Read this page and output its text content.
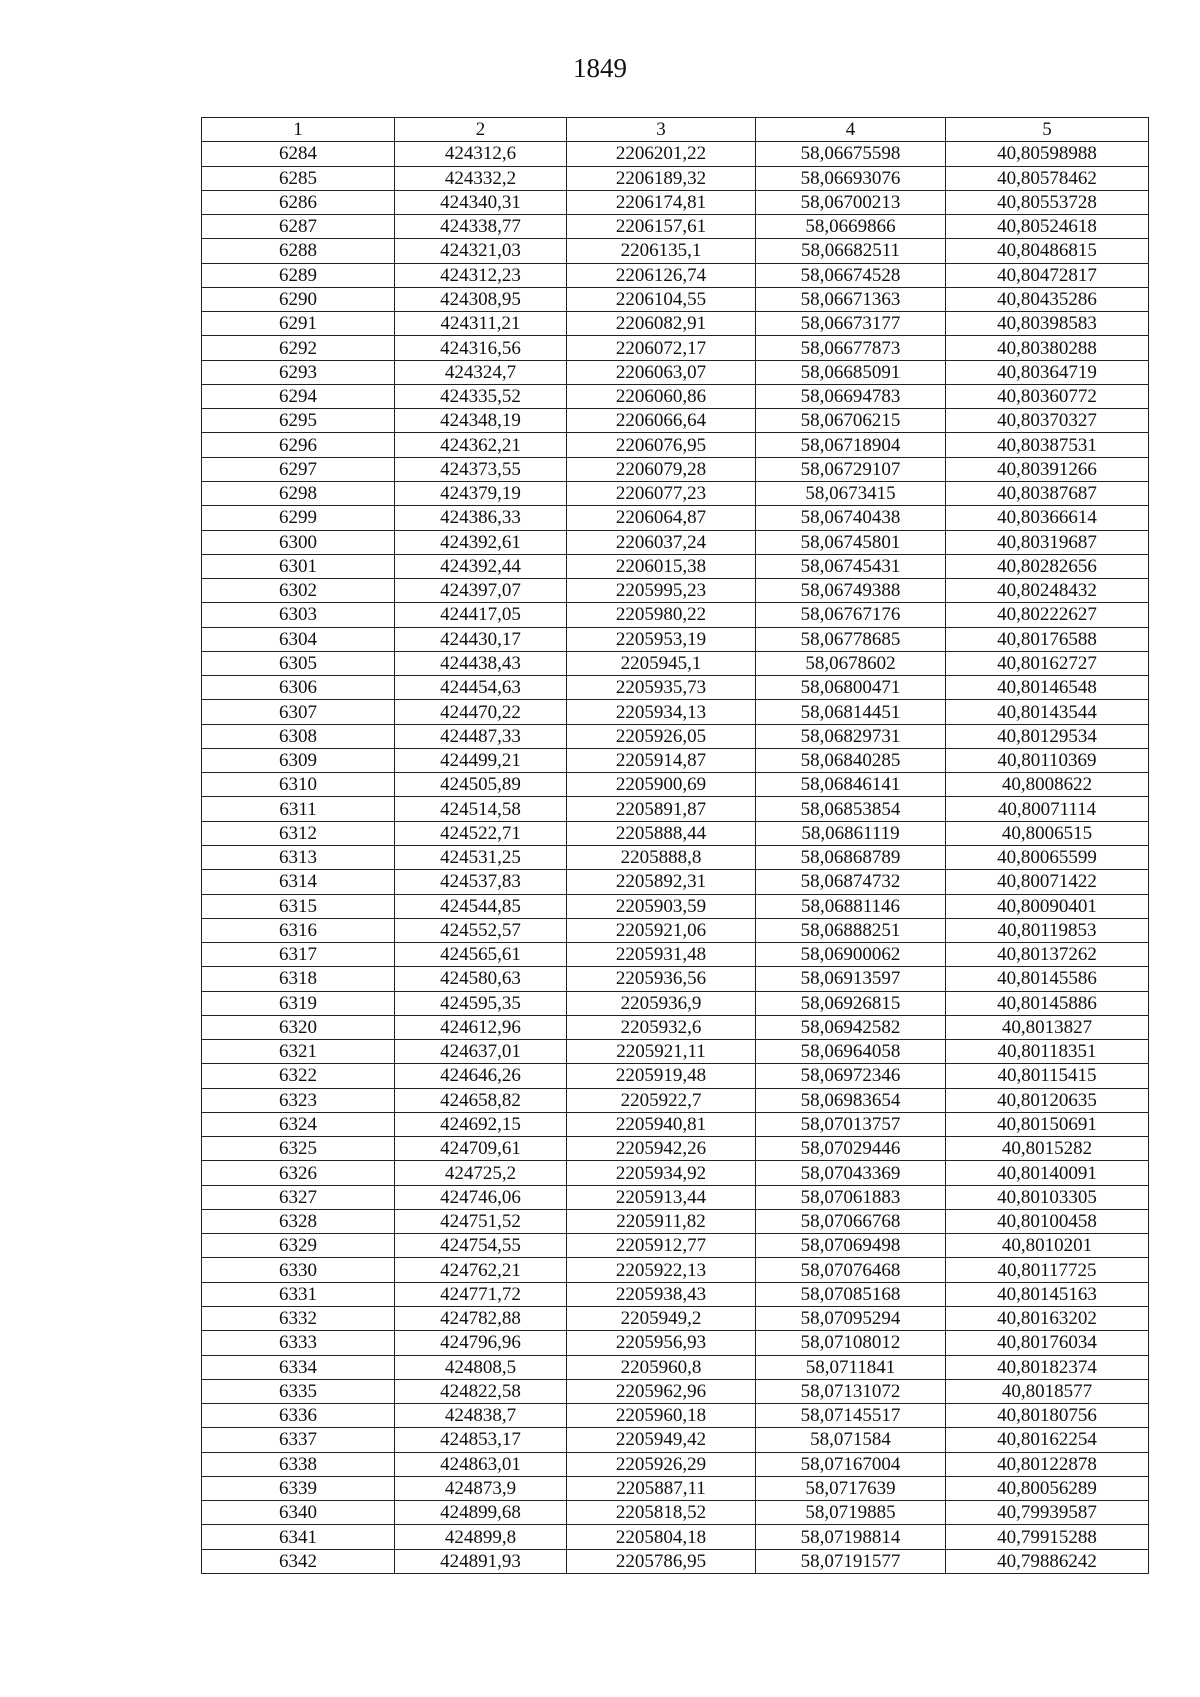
1849
1	2	3	4	5
6284	424312,6	2206201,22	58,06675598	40,80598988
6285	424332,2	2206189,32	58,06693076	40,80578462
6286	424340,31	2206174,81	58,06700213	40,80553728
6287	424338,77	2206157,61	58,0669866	40,80524618
6288	424321,03	2206135,1	58,06682511	40,80486815
6289	424312,23	2206126,74	58,06674528	40,80472817
6290	424308,95	2206104,55	58,06671363	40,80435286
6291	424311,21	2206082,91	58,06673177	40,80398583
6292	424316,56	2206072,17	58,06677873	40,80380288
6293	424324,7	2206063,07	58,06685091	40,80364719
6294	424335,52	2206060,86	58,06694783	40,80360772
6295	424348,19	2206066,64	58,06706215	40,80370327
6296	424362,21	2206076,95	58,06718904	40,80387531
6297	424373,55	2206079,28	58,06729107	40,80391266
6298	424379,19	2206077,23	58,0673415	40,80387687
6299	424386,33	2206064,87	58,06740438	40,80366614
6300	424392,61	2206037,24	58,06745801	40,80319687
6301	424392,44	2206015,38	58,06745431	40,80282656
6302	424397,07	2205995,23	58,06749388	40,80248432
6303	424417,05	2205980,22	58,06767176	40,80222627
6304	424430,17	2205953,19	58,06778685	40,80176588
6305	424438,43	2205945,1	58,0678602	40,80162727
6306	424454,63	2205935,73	58,06800471	40,80146548
6307	424470,22	2205934,13	58,06814451	40,80143544
6308	424487,33	2205926,05	58,06829731	40,80129534
6309	424499,21	2205914,87	58,06840285	40,80110369
6310	424505,89	2205900,69	58,06846141	40,8008622
6311	424514,58	2205891,87	58,06853854	40,80071114
6312	424522,71	2205888,44	58,06861119	40,8006515
6313	424531,25	2205888,8	58,06868789	40,80065599
6314	424537,83	2205892,31	58,06874732	40,80071422
6315	424544,85	2205903,59	58,06881146	40,80090401
6316	424552,57	2205921,06	58,06888251	40,80119853
6317	424565,61	2205931,48	58,06900062	40,80137262
6318	424580,63	2205936,56	58,06913597	40,80145586
6319	424595,35	2205936,9	58,06926815	40,80145886
6320	424612,96	2205932,6	58,06942582	40,8013827
6321	424637,01	2205921,11	58,06964058	40,80118351
6322	424646,26	2205919,48	58,06972346	40,80115415
6323	424658,82	2205922,7	58,06983654	40,80120635
6324	424692,15	2205940,81	58,07013757	40,80150691
6325	424709,61	2205942,26	58,07029446	40,8015282
6326	424725,2	2205934,92	58,07043369	40,80140091
6327	424746,06	2205913,44	58,07061883	40,80103305
6328	424751,52	2205911,82	58,07066768	40,80100458
6329	424754,55	2205912,77	58,07069498	40,8010201
6330	424762,21	2205922,13	58,07076468	40,80117725
6331	424771,72	2205938,43	58,07085168	40,80145163
6332	424782,88	2205949,2	58,07095294	40,80163202
6333	424796,96	2205956,93	58,07108012	40,80176034
6334	424808,5	2205960,8	58,0711841	40,80182374
6335	424822,58	2205962,96	58,07131072	40,8018577
6336	424838,7	2205960,18	58,07145517	40,80180756
6337	424853,17	2205949,42	58,071584	40,80162254
6338	424863,01	2205926,29	58,07167004	40,80122878
6339	424873,9	2205887,11	58,0717639	40,80056289
6340	424899,68	2205818,52	58,0719885	40,79939587
6341	424899,8	2205804,18	58,07198814	40,79915288
6342	424891,93	2205786,95	58,07191577	40,79886242
